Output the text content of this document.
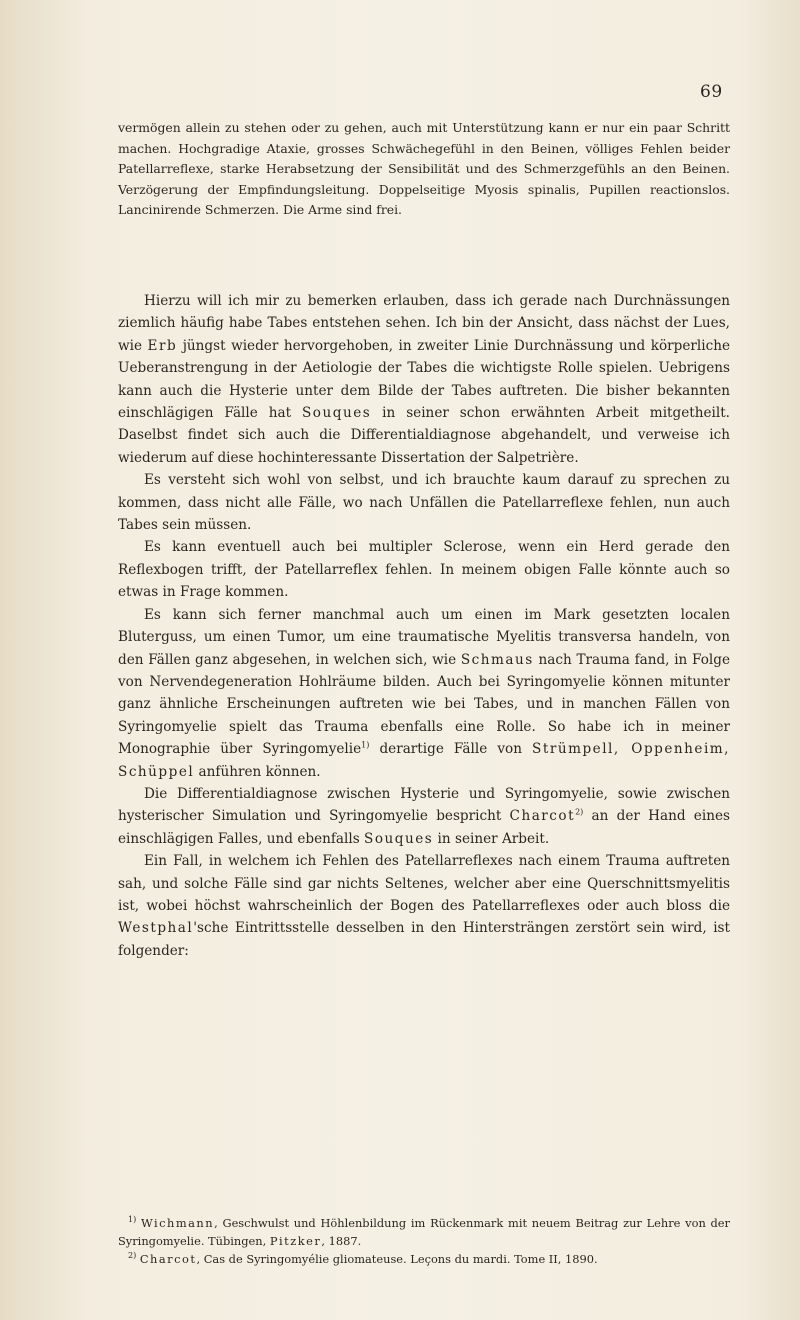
69

vermögen allein zu stehen oder zu gehen, auch mit Unterstützung kann er nur ein paar Schritt machen. Hochgradige Ataxie, grosses Schwächegefühl in den Beinen, völliges Fehlen beider Patellarreflexe, starke Herabsetzung der Sensibilität und des Schmerzgefühls an den Beinen. Verzögerung der Empfindungsleitung. Doppelseitige Myosis spinalis, Pupillen reactionslos. Lancinirende Schmerzen. Die Arme sind frei.

Hierzu will ich mir zu bemerken erlauben, dass ich gerade nach Durchnässungen ziemlich häufig habe Tabes entstehen sehen. Ich bin der Ansicht, dass nächst der Lues, wie Erb jüngst wieder hervorgehoben, in zweiter Linie Durchnässung und körperliche Ueberanstrengung in der Aetiologie der Tabes die wichtigste Rolle spielen. Uebrigens kann auch die Hysterie unter dem Bilde der Tabes auftreten. Die bisher bekannten einschlägigen Fälle hat Souques in seiner schon erwähnten Arbeit mitgetheilt. Daselbst findet sich auch die Differentialdiagnose abgehandelt, und verweise ich wiederum auf diese hochinteressante Dissertation der Salpetrière.

Es versteht sich wohl von selbst, und ich brauchte kaum darauf zu sprechen zu kommen, dass nicht alle Fälle, wo nach Unfällen die Patellarreflexe fehlen, nun auch Tabes sein müssen.

Es kann eventuell auch bei multipler Sclerose, wenn ein Herd gerade den Reflexbogen trifft, der Patellarreflex fehlen. In meinem obigen Falle könnte auch so etwas in Frage kommen.

Es kann sich ferner manchmal auch um einen im Mark gesetzten localen Bluterguss, um einen Tumor, um eine traumatische Myelitis transversa handeln, von den Fällen ganz abgesehen, in welchen sich, wie Schmaus nach Trauma fand, in Folge von Nervendegeneration Hohlräume bilden. Auch bei Syringomyelie können mitunter ganz ähnliche Erscheinungen auftreten wie bei Tabes, und in manchen Fällen von Syringomyelie spielt das Trauma ebenfalls eine Rolle. So habe ich in meiner Monographie über Syringomyelie$^{1)}$ derartige Fälle von Strümpell, Oppenheim, Schüppel anführen können.

Die Differentialdiagnose zwischen Hysterie und Syringomyelie, sowie zwischen hysterischer Simulation und Syringomyelie bespricht Charcot$^{2)}$ an der Hand eines einschlägigen Falles, und ebenfalls Souques in seiner Arbeit.

Ein Fall, in welchem ich Fehlen des Patellarreflexes nach einem Trauma auftreten sah, und solche Fälle sind gar nichts Seltenes, welcher aber eine Querschnittsmyelitis ist, wobei höchst wahrscheinlich der Bogen des Patellarreflexes oder auch bloss die Westphal'sche Eintrittsstelle desselben in den Hintersträngen zerstört sein wird, ist folgender:

$^{1)}$ Wichmann, Geschwulst und Höhlenbildung im Rückenmark mit neuem Beitrag zur Lehre von der Syringomyelie. Tübingen, Pitzker, 1887.

$^{2)}$ Charcot, Cas de Syringomyélie gliomateuse. Leçons du mardi. Tome II, 1890.
